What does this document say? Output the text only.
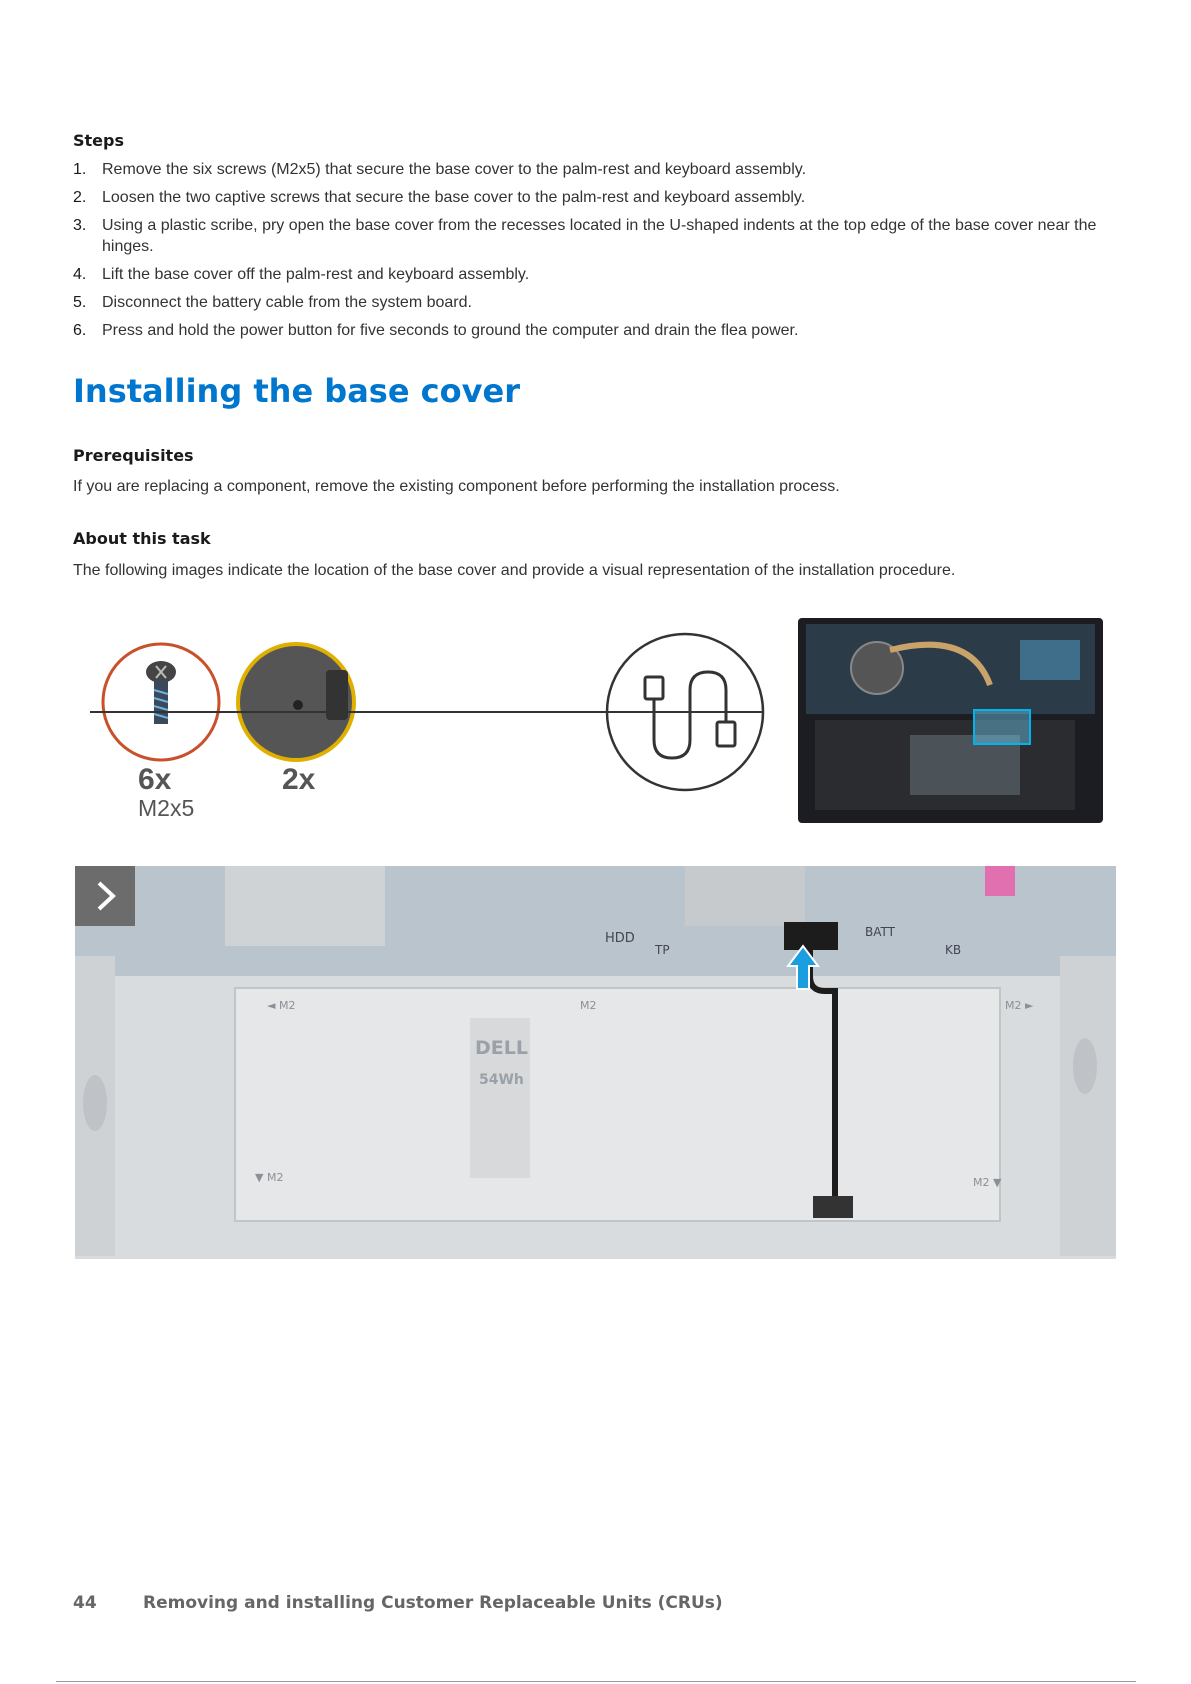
Steps
1. Remove the six screws (M2x5) that secure the base cover to the palm-rest and keyboard assembly.
2. Loosen the two captive screws that secure the base cover to the palm-rest and keyboard assembly.
3. Using a plastic scribe, pry open the base cover from the recesses located in the U-shaped indents at the top edge of the base cover near the hinges.
4. Lift the base cover off the palm-rest and keyboard assembly.
5. Disconnect the battery cable from the system board.
6. Press and hold the power button for five seconds to ground the computer and drain the flea power.
Installing the base cover
Prerequisites
If you are replacing a component, remove the existing component before performing the installation process.
About this task
The following images indicate the location of the base cover and provide a visual representation of the installation procedure.
6x
M2x5
2x
HDD
TP
BATT
KB
DELL
54Wh
◄ M2	M2	M2 ►
▼ M2	M2 ▼
44	Removing and installing Customer Replaceable Units (CRUs)
